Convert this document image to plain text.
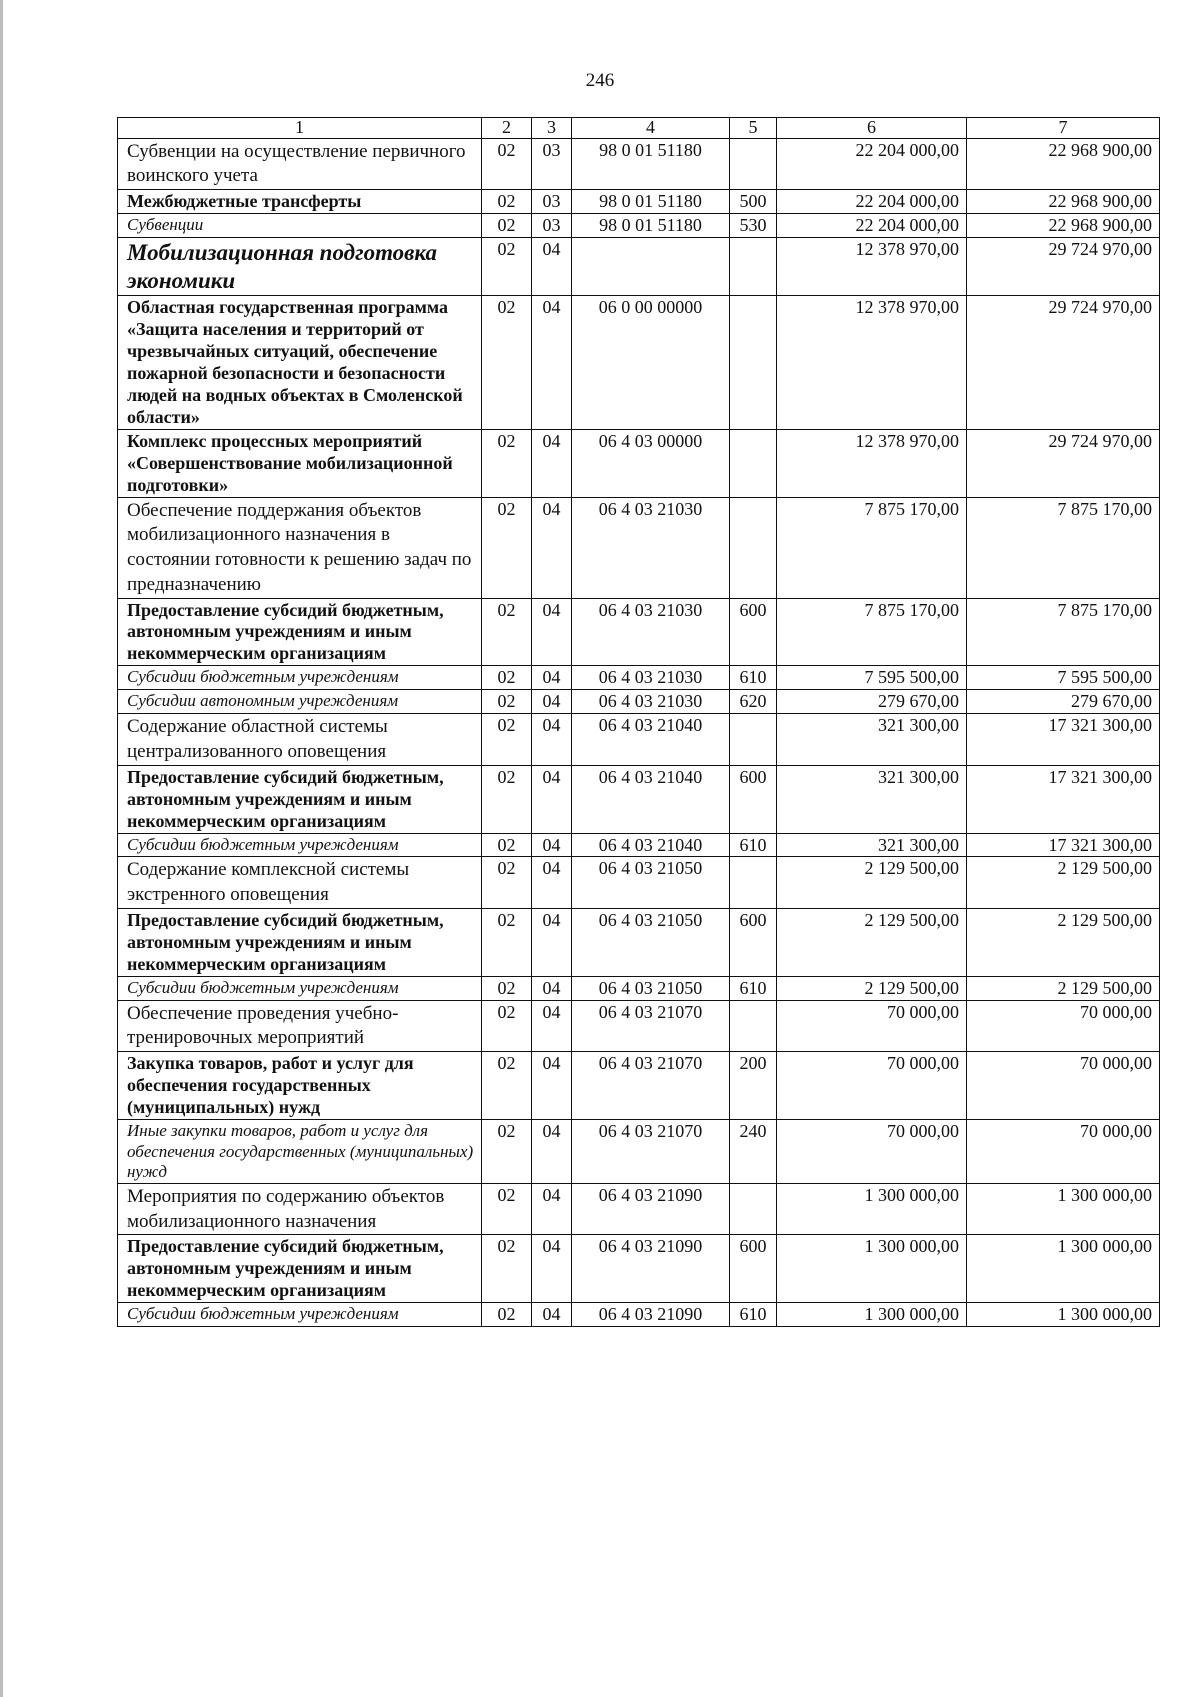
246
1	2	3	4	5	6	7
Субвенции на осуществление первичного воинского учета	02	03	98 0 01 51180		22 204 000,00	22 968 900,00
Межбюджетные трансферты	02	03	98 0 01 51180	500	22 204 000,00	22 968 900,00
Субвенции	02	03	98 0 01 51180	530	22 204 000,00	22 968 900,00
Мобилизационная подготовка экономики	02	04			12 378 970,00	29 724 970,00
Областная государственная программа «Защита населения и территорий от чрезвычайных ситуаций, обеспечение пожарной безопасности и безопасности людей на водных объектах в Смоленской области»	02	04	06 0 00 00000		12 378 970,00	29 724 970,00
Комплекс процессных мероприятий «Совершенствование мобилизационной подготовки»	02	04	06 4 03 00000		12 378 970,00	29 724 970,00
Обеспечение поддержания объектов мобилизационного назначения в состоянии готовности к решению задач по предназначению	02	04	06 4 03 21030		7 875 170,00	7 875 170,00
Предоставление субсидий бюджетным, автономным учреждениям и иным некоммерческим организациям	02	04	06 4 03 21030	600	7 875 170,00	7 875 170,00
Субсидии бюджетным учреждениям	02	04	06 4 03 21030	610	7 595 500,00	7 595 500,00
Субсидии автономным учреждениям	02	04	06 4 03 21030	620	279 670,00	279 670,00
Содержание областной системы централизованного оповещения	02	04	06 4 03 21040		321 300,00	17 321 300,00
Предоставление субсидий бюджетным, автономным учреждениям и иным некоммерческим организациям	02	04	06 4 03 21040	600	321 300,00	17 321 300,00
Субсидии бюджетным учреждениям	02	04	06 4 03 21040	610	321 300,00	17 321 300,00
Содержание комплексной системы экстренного оповещения	02	04	06 4 03 21050		2 129 500,00	2 129 500,00
Предоставление субсидий бюджетным, автономным учреждениям и иным некоммерческим организациям	02	04	06 4 03 21050	600	2 129 500,00	2 129 500,00
Субсидии бюджетным учреждениям	02	04	06 4 03 21050	610	2 129 500,00	2 129 500,00
Обеспечение проведения учебно-тренировочных мероприятий	02	04	06 4 03 21070		70 000,00	70 000,00
Закупка товаров, работ и услуг для обеспечения государственных (муниципальных) нужд	02	04	06 4 03 21070	200	70 000,00	70 000,00
Иные закупки товаров, работ и услуг для обеспечения государственных (муниципальных) нужд	02	04	06 4 03 21070	240	70 000,00	70 000,00
Мероприятия по содержанию объектов мобилизационного назначения	02	04	06 4 03 21090		1 300 000,00	1 300 000,00
Предоставление субсидий бюджетным, автономным учреждениям и иным некоммерческим организациям	02	04	06 4 03 21090	600	1 300 000,00	1 300 000,00
Субсидии бюджетным учреждениям	02	04	06 4 03 21090	610	1 300 000,00	1 300 000,00
